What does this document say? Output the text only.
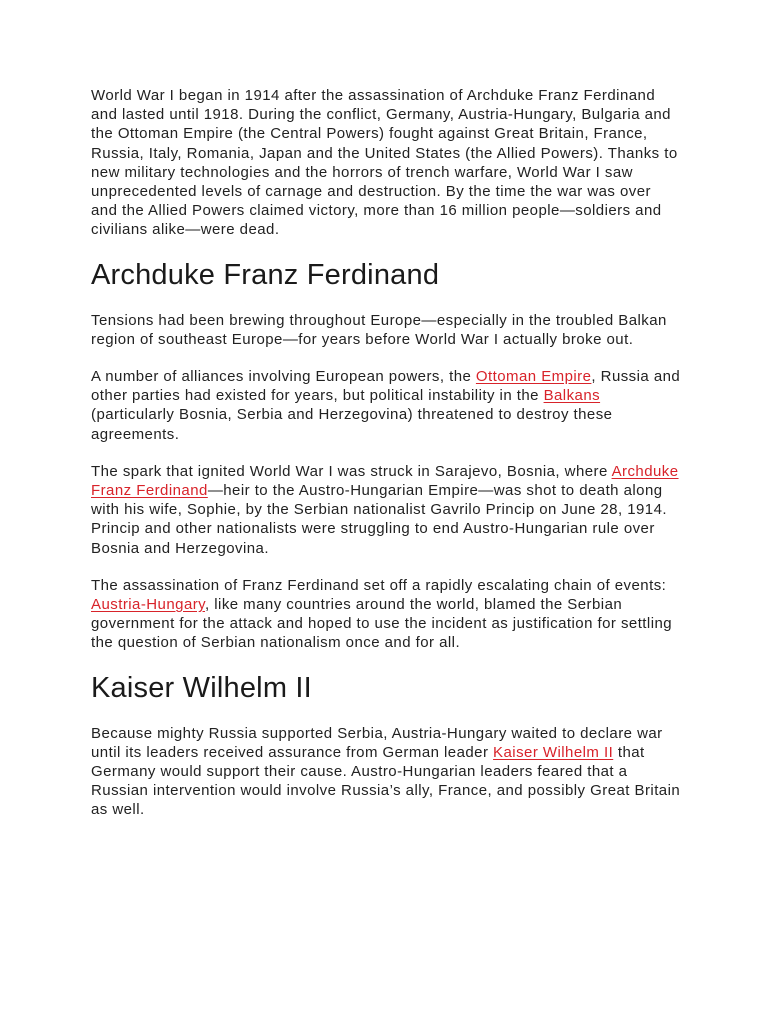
World War I began in 1914 after the assassination of Archduke Franz Ferdinand and lasted until 1918. During the conflict, Germany, Austria-Hungary, Bulgaria and the Ottoman Empire (the Central Powers) fought against Great Britain, France, Russia, Italy, Romania, Japan and the United States (the Allied Powers). Thanks to new military technologies and the horrors of trench warfare, World War I saw unprecedented levels of carnage and destruction. By the time the war was over and the Allied Powers claimed victory, more than 16 million people—soldiers and civilians alike—were dead.

Archduke Franz Ferdinand

Tensions had been brewing throughout Europe—especially in the troubled Balkan region of southeast Europe—for years before World War I actually broke out.

A number of alliances involving European powers, the Ottoman Empire, Russia and other parties had existed for years, but political instability in the Balkans (particularly Bosnia, Serbia and Herzegovina) threatened to destroy these agreements.

The spark that ignited World War I was struck in Sarajevo, Bosnia, where Archduke Franz Ferdinand—heir to the Austro-Hungarian Empire—was shot to death along with his wife, Sophie, by the Serbian nationalist Gavrilo Princip on June 28, 1914. Princip and other nationalists were struggling to end Austro-Hungarian rule over Bosnia and Herzegovina.

The assassination of Franz Ferdinand set off a rapidly escalating chain of events: Austria-Hungary, like many countries around the world, blamed the Serbian government for the attack and hoped to use the incident as justification for settling the question of Serbian nationalism once and for all.

Kaiser Wilhelm II

Because mighty Russia supported Serbia, Austria-Hungary waited to declare war until its leaders received assurance from German leader Kaiser Wilhelm II that Germany would support their cause. Austro-Hungarian leaders feared that a Russian intervention would involve Russia’s ally, France, and possibly Great Britain as well.
